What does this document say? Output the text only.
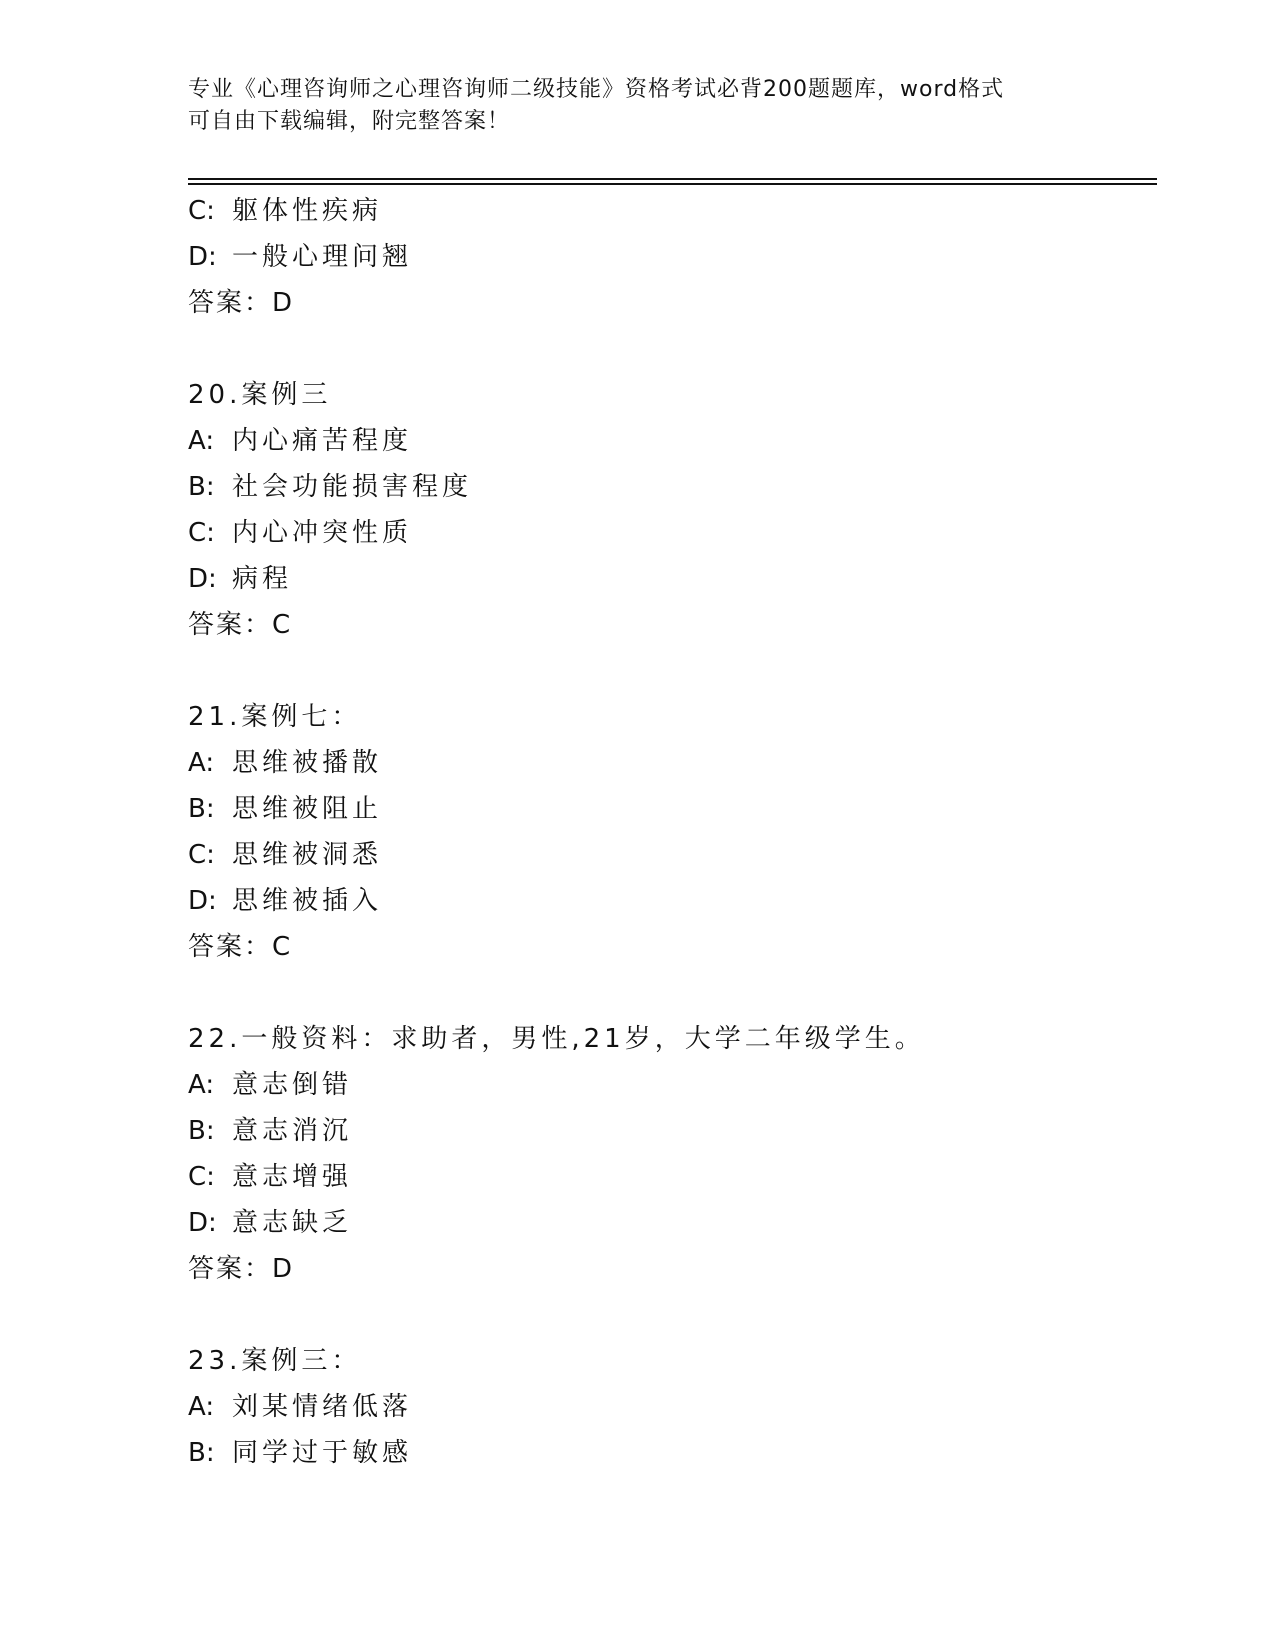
专业《心理咨询师之心理咨询师二级技能》资格考试必背200题题库，word格式
可自由下载编辑，附完整答案！
C: 躯体性疾病
D: 一般心理问翘
答案：D
20.案例三
A: 内心痛苦程度
B: 社会功能损害程度
C: 内心冲突性质
D: 病程
答案：C
21.案例七：
A: 思维被播散
B: 思维被阻止
C: 思维被洞悉
D: 思维被插入
答案：C
22.一般资料：求助者，男性,21岁，大学二年级学生。
A: 意志倒错
B: 意志消沉
C: 意志增强
D: 意志缺乏
答案：D
23.案例三：
A: 刘某情绪低落
B: 同学过于敏感
